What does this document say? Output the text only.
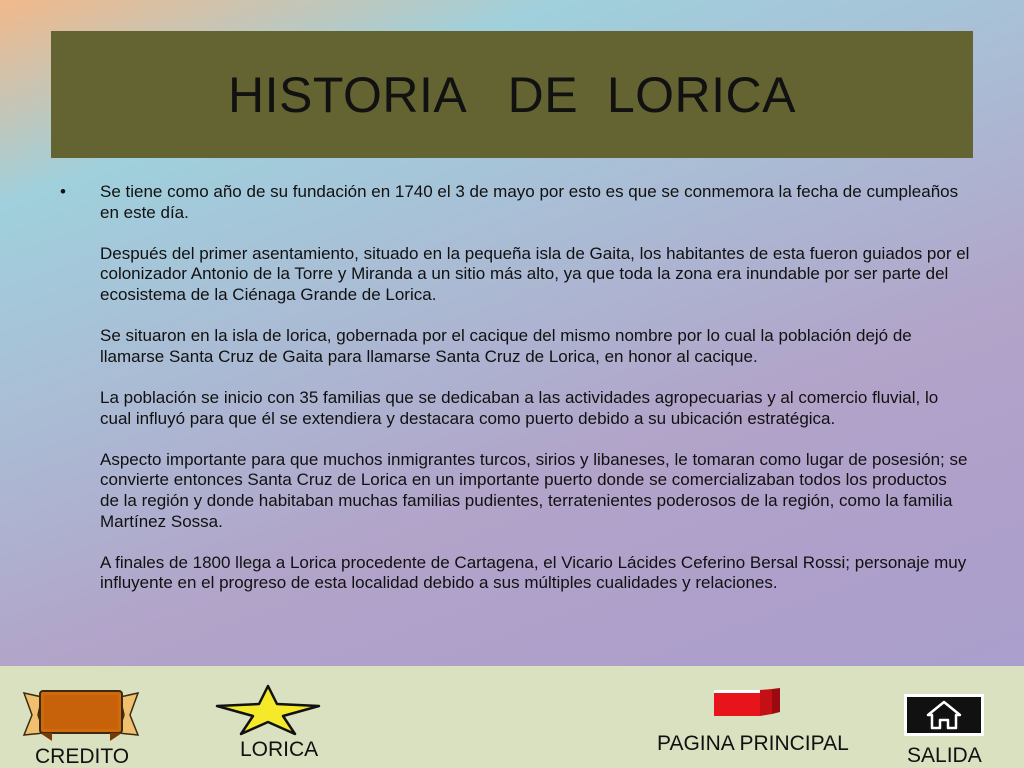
HISTORIA   DE  LORICA
•	Se tiene como año de su fundación en 1740 el 3 de mayo por esto es que se conmemora la fecha de cumpleaños en este día.

Después del primer asentamiento, situado en la pequeña isla de Gaita, los habitantes de esta fueron guiados por el colonizador Antonio de la Torre y Miranda a un sitio más alto, ya que toda la zona era inundable por ser parte del ecosistema de la Ciénaga Grande de Lorica.

Se situaron en la isla de lorica, gobernada por el cacique del mismo nombre por lo cual la población dejó de llamarse Santa Cruz de Gaita para llamarse Santa Cruz de Lorica, en honor al cacique.

La población se inicio con 35 familias que se dedicaban a las actividades agropecuarias y al comercio fluvial, lo cual influyó para que él se extendiera y destacara como puerto debido a su ubicación estratégica.

Aspecto importante para que muchos inmigrantes turcos, sirios y libaneses, le tomaran como lugar de posesión; se convierte entonces Santa Cruz de Lorica en un importante puerto donde se comercializaban todos los productos de la región y donde habitaban muchas familias pudientes, terratenientes poderosos de la región, como la familia Martínez Sossa.

A finales de 1800 llega a Lorica procedente de Cartagena, el Vicario Lácides Ceferino Bersal Rossi; personaje muy influyente en el progreso de esta localidad debido a sus múltiples cualidades y relaciones.

CREDITO	LORICA	PAGINA PRINCIPAL
SALIDA
